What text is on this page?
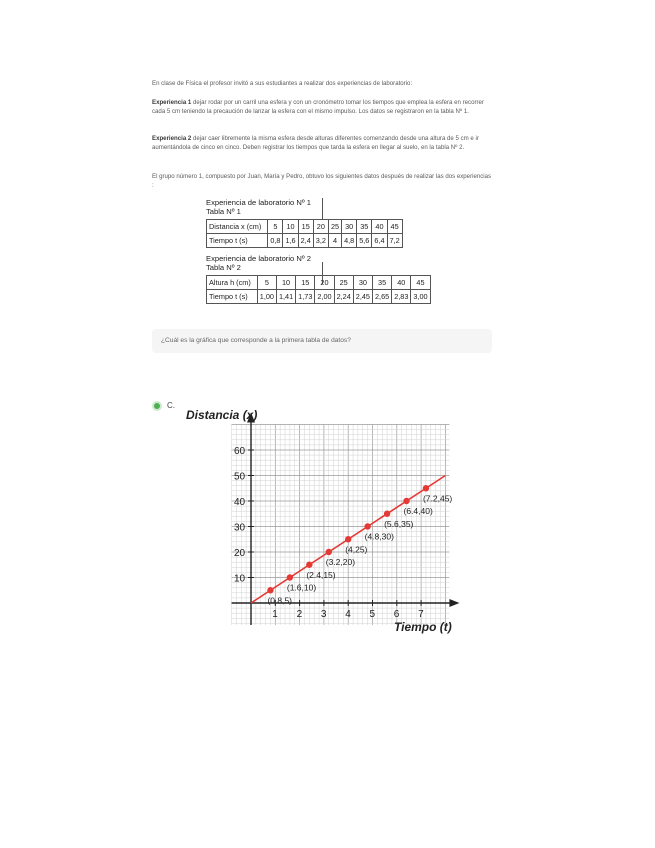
En clase de Física el profesor invitó a sus estudiantes a realizar dos experiencias de laboratorio:

Experiencia 1 dejar rodar por un carril una esfera y con un cronómetro tomar los tiempos que emplea la esfera en recorrer cada 5 cm teniendo la precaución de lanzar la esfera con el mismo impulso. Los datos se registraron en la tabla Nº 1.

Experiencia 2 dejar caer libremente la misma esfera desde alturas diferentes comenzando desde una altura de 5 cm e ir aumentándola de cinco en cinco. Deben registrar los tiempos que tarda la esfera en llegar al suelo, en la tabla Nº 2.

El grupo número 1, compuesto por Juan, María y Pedro, obtuvo los siguientes datos después de realizar las dos experiencias :

Experiencia de laboratorio Nº 1
Tabla Nº 1
Distancia x (cm)	5	10	15	20	25	30	35	40	45
Tiempo t (s)	0,8	1,6	2,4	3,2	4	4,8	5,6	6,4	7,2
Experiencia de laboratorio Nº 2
Tabla Nº 2
Altura h (cm)	5	10	15	20	25	30	35	40	45
Tiempo t (s)	1,00	1,41	1,73	2,00	2,24	2,45	2,65	2,83	3,00
¿Cuál es la gráfica que corresponde a la primera tabla de datos?
C.
Distancia (x)
Tiempo (t)
1 2 3 4 5 6 7
10
20
30
40
50
60
(0.8,5)
(1.6,10)
(2.4,15)
(3.2,20)
(4,25)
(4.8,30)
(5.6,35)
(6.4,40)
(7.2,45)
